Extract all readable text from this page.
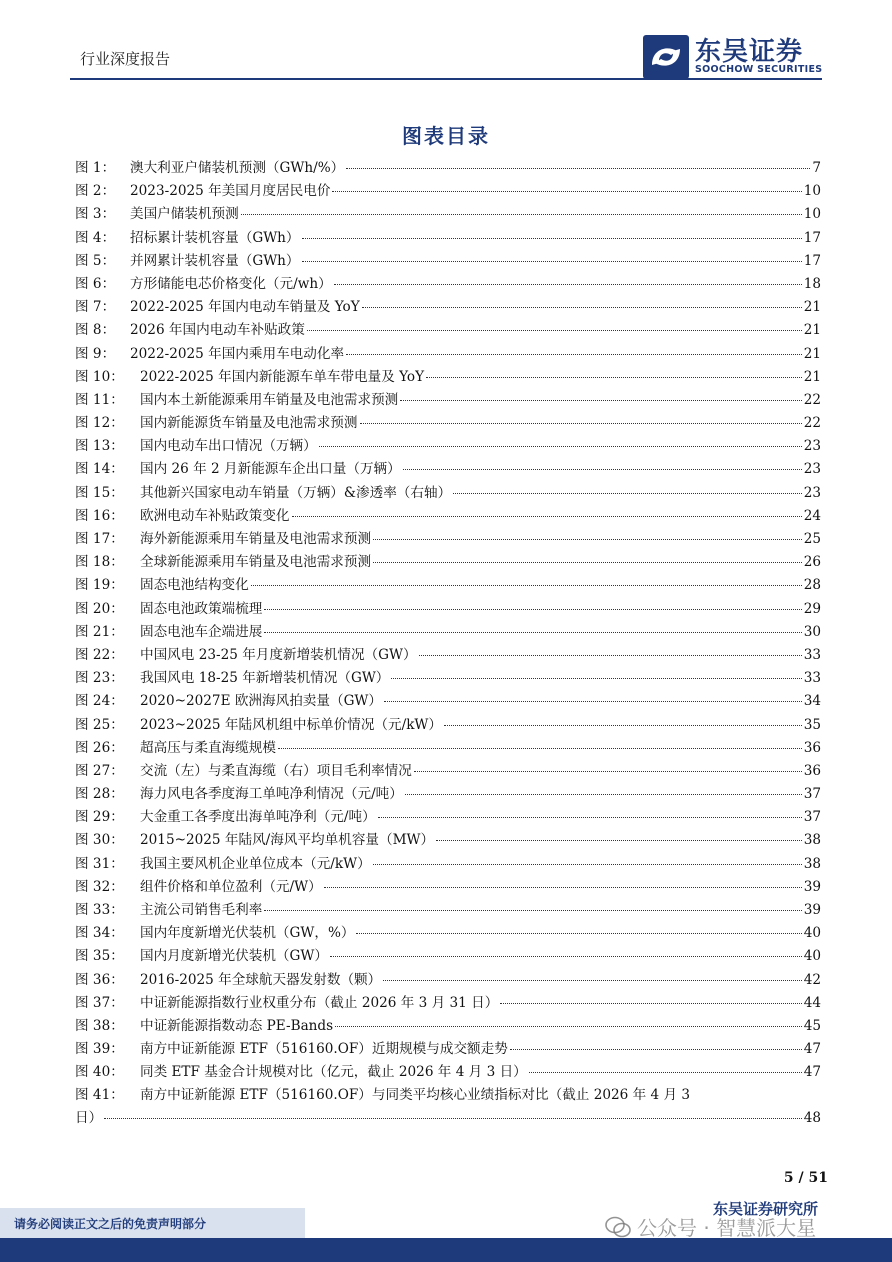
行业深度报告	东吴证券
SOOCHOW SECURITIES
图表目录
图 1：	澳大利亚户储装机预测（GWh/%）	7
图 2：	2023-2025 年美国月度居民电价	10
图 3：	美国户储装机预测	10
图 4：	招标累计装机容量（GWh）	17
图 5：	并网累计装机容量（GWh）	17
图 6：	方形储能电芯价格变化（元/wh）	18
图 7：	2022-2025 年国内电动车销量及 YoY	21
图 8：	2026 年国内电动车补贴政策	21
图 9：	2022-2025 年国内乘用车电动化率	21
图 10：	2022-2025 年国内新能源车单车带电量及 YoY	21
图 11：	国内本土新能源乘用车销量及电池需求预测	22
图 12：	国内新能源货车销量及电池需求预测	22
图 13：	国内电动车出口情况（万辆）	23
图 14：	国内 26 年 2 月新能源车企出口量（万辆）	23
图 15：	其他新兴国家电动车销量（万辆）&渗透率（右轴）	23
图 16：	欧洲电动车补贴政策变化	24
图 17：	海外新能源乘用车销量及电池需求预测	25
图 18：	全球新能源乘用车销量及电池需求预测	26
图 19：	固态电池结构变化	28
图 20：	固态电池政策端梳理	29
图 21：	固态电池车企端进展	30
图 22：	中国风电 23-25 年月度新增装机情况（GW）	33
图 23：	我国风电 18-25 年新增装机情况（GW）	33
图 24：	2020~2027E 欧洲海风拍卖量（GW）	34
图 25：	2023~2025 年陆风机组中标单价情况（元/kW）	35
图 26：	超高压与柔直海缆规模	36
图 27：	交流（左）与柔直海缆（右）项目毛利率情况	36
图 28：	海力风电各季度海工单吨净利情况（元/吨）	37
图 29：	大金重工各季度出海单吨净利（元/吨）	37
图 30：	2015~2025 年陆风/海风平均单机容量（MW）	38
图 31：	我国主要风机企业单位成本（元/kW）	38
图 32：	组件价格和单位盈利（元/W）	39
图 33：	主流公司销售毛利率	39
图 34：	国内年度新增光伏装机（GW，%）	40
图 35：	国内月度新增光伏装机（GW）	40
图 36：	2016-2025 年全球航天器发射数（颗）	42
图 37：	中证新能源指数行业权重分布（截止 2026 年 3 月 31 日）	44
图 38：	中证新能源指数动态 PE-Bands	45
图 39：	南方中证新能源 ETF（516160.OF）近期规模与成交额走势	47
图 40：	同类 ETF 基金合计规模对比（亿元，截止 2026 年 4 月 3 日）	47
图 41： 南方中证新能源 ETF（516160.OF）与同类平均核心业绩指标对比（截止 2026 年 4 月 3
日）	48
5 / 51
东吴证券研究所
请务必阅读正文之后的免责声明部分	公众号 · 智慧派大星
